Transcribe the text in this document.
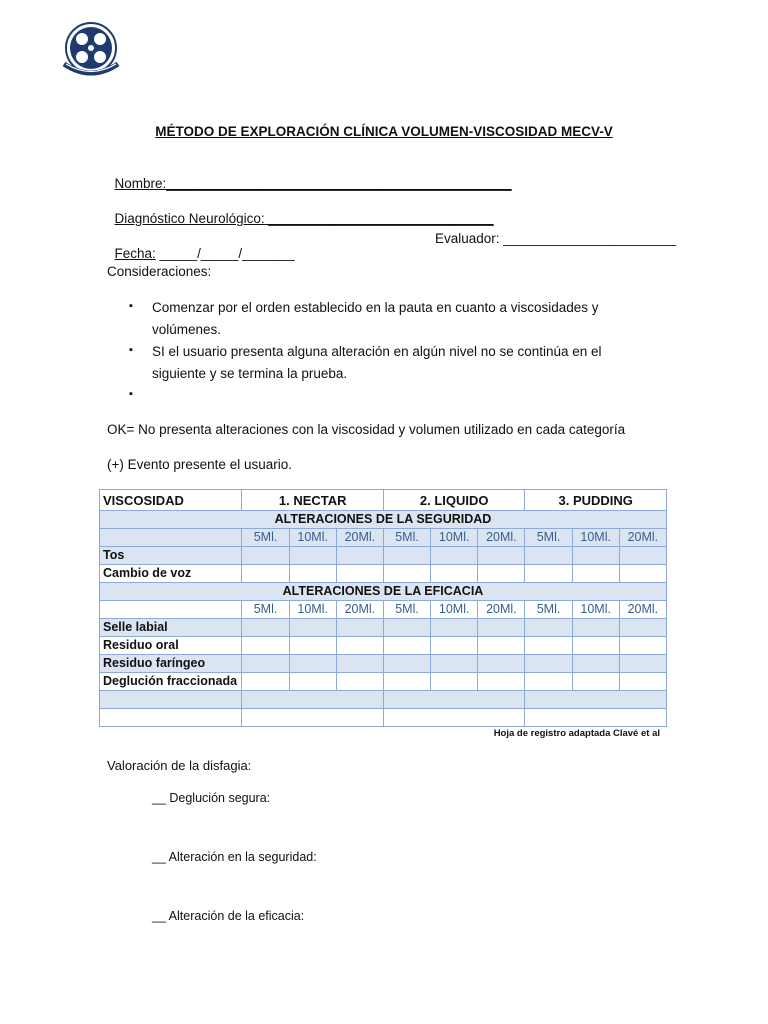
MÉTODO DE EXPLORACIÓN CLÍNICA VOLUMEN-VISCOSIDAD MECV-V

Nombre:______________________________________________

Diagnóstico Neurológico: ______________________________

Fecha: _____/_____/_______

Evaluador: _______________________
Consideraciones:
▪ Comenzar por el orden establecido en la pauta en cuanto a viscosidades y volúmenes.
▪ SI el usuario presenta alguna alteración en algún nivel no se continúa en el siguiente y se termina la prueba.
▪
OK= No presenta alteraciones con la viscosidad y volumen utilizado en cada categoría
(+) Evento presente el usuario.
VISCOSIDAD	1. NECTAR			2. LIQUIDO			3. PUDDING		
ALTERACIONES DE LA SEGURIDAD									
	5Ml.	10Ml.	20Ml.	5Ml.	10Ml.	20Ml.	5Ml.	10Ml.	20Ml.
Tos									
Cambio de voz									
ALTERACIONES DE LA EFICACIA									
	5Ml.	10Ml.	20Ml.	5Ml.	10Ml.	20Ml.	5Ml.	10Ml.	20Ml.
Selle labial									
Residuo oral									
Residuo faríngeo									
Deglución fraccionada									

Hoja de registro adaptada Clavé et al
Valoración de la disfagia:
__ Deglución segura:
__ Alteración en la seguridad:
__ Alteración de la eficacia:
